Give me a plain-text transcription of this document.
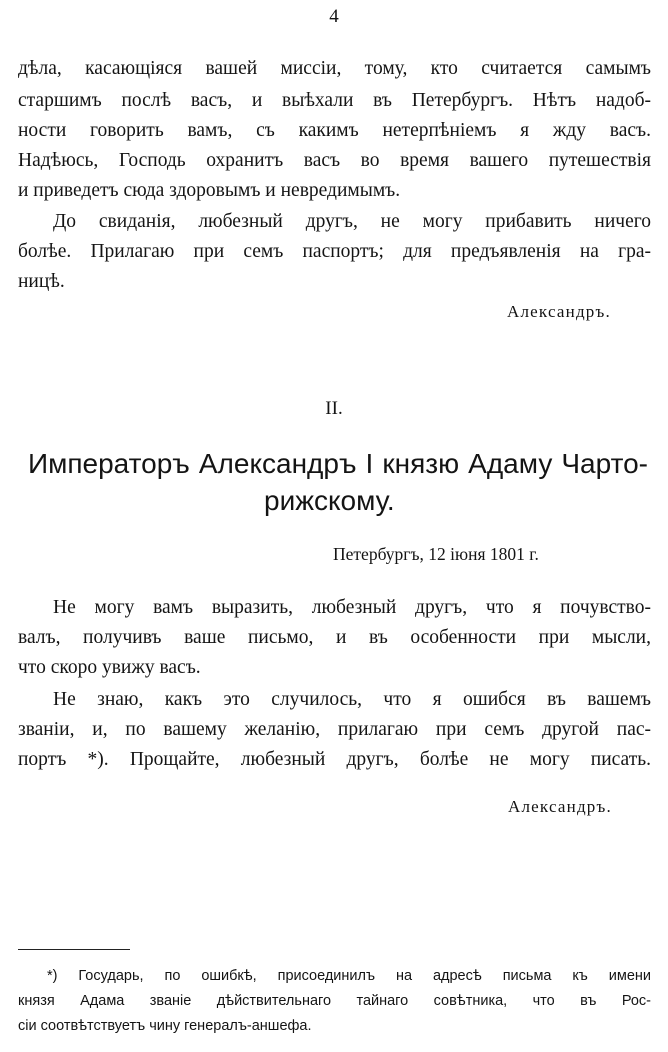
4
дѣла, касающіяся вашей миссіи, тому, кто считается самымъ
старшимъ послѣ васъ, и выѣхали въ Петербургъ. Нѣтъ надоб-
ности говорить вамъ, съ какимъ нетерпѣніемъ я жду васъ.
Надѣюсь, Господь охранитъ васъ во время вашего путешествія
и приведетъ сюда здоровымъ и невредимымъ.
До свиданія, любезный другъ, не могу прибавить ничего
болѣе. Прилагаю при семъ паспортъ; для предъявленія на гра-
ницѣ.
Александръ.
II.
Императоръ Александръ I князю Адаму Чарто-
рижскому.
Петербургъ, 12 іюня 1801 г.
Не могу вамъ выразить, любезный другъ, что я почувство-
валъ, получивъ ваше письмо, и въ особенности при мысли,
что скоро увижу васъ.
Не знаю, какъ это случилось, что я ошибся въ вашемъ
званіи, и, по вашему желанію, прилагаю при семъ другой пас-
портъ *). Прощайте, любезный другъ, болѣе не могу писать.
Александръ.
*) Государь, по ошибкѣ, присоединилъ на адресѣ письма къ имени
князя Адама званіе дѣйствительнаго тайнаго совѣтника, что въ Рос-
сіи соотвѣтствуетъ чину генералъ-аншефа.
